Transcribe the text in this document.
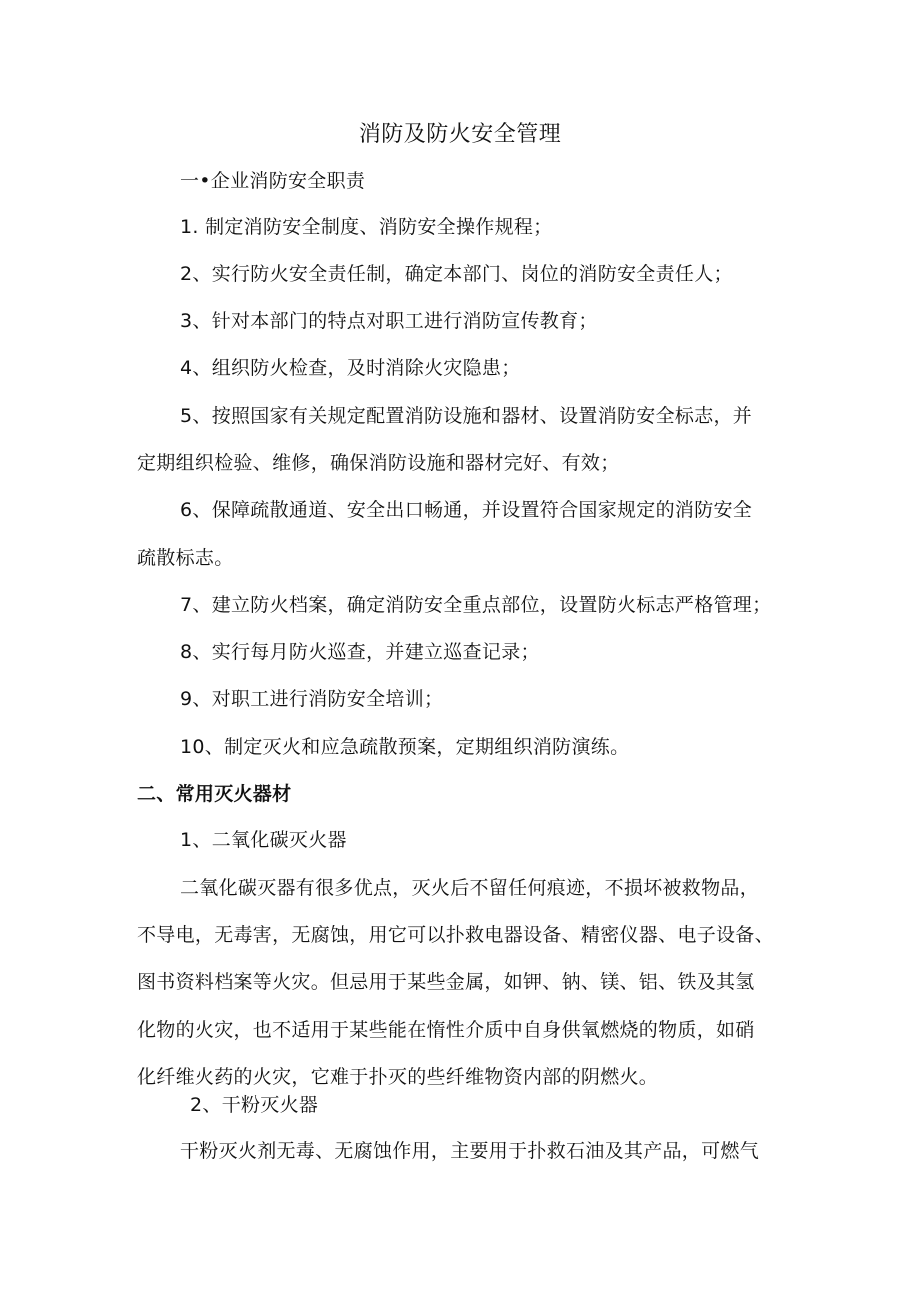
消防及防火安全管理
一•企业消防安全职责
1. 制定消防安全制度、消防安全操作规程；
2、实行防火安全责任制，确定本部门、岗位的消防安全责任人；
3、针对本部门的特点对职工进行消防宣传教育；
4、组织防火检查，及时消除火灾隐患；
5、按照国家有关规定配置消防设施和器材、设置消防安全标志，并
定期组织检验、维修，确保消防设施和器材完好、有效；
6、保障疏散通道、安全出口畅通，并设置符合国家规定的消防安全
疏散标志。
7、建立防火档案，确定消防安全重点部位，设置防火标志严格管理；
8、实行每月防火巡查，并建立巡查记录；
9、对职工进行消防安全培训；
10、制定灭火和应急疏散预案，定期组织消防演练。
二、常用灭火器材
1、二氧化碳灭火器
二氧化碳灭器有很多优点，灭火后不留任何痕迹，不损坏被救物品，
不导电，无毒害，无腐蚀，用它可以扑救电器设备、精密仪器、电子设备、
图书资料档案等火灾。但忌用于某些金属，如钾、钠、镁、铝、铁及其氢
化物的火灾，也不适用于某些能在惰性介质中自身供氧燃烧的物质，如硝
化纤维火药的火灾，它难于扑灭的些纤维物资内部的阴燃火。
2、干粉灭火器
干粉灭火剂无毒、无腐蚀作用，主要用于扑救石油及其产品，可燃气
